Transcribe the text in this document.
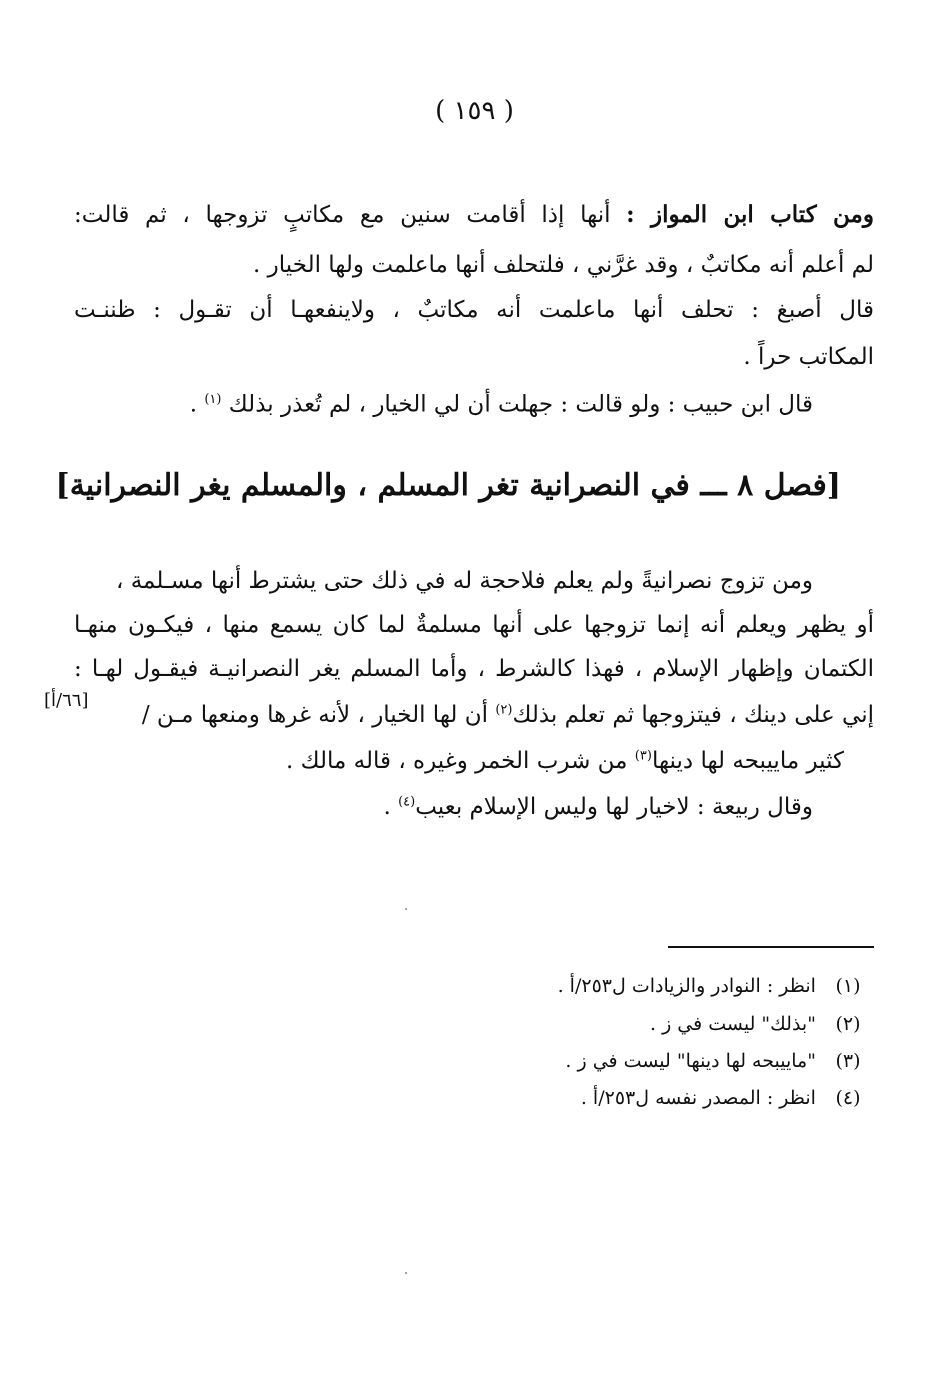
( ١٥٩ )
ومن كتاب ابن المواز : أنها إذا أقامت سنين مع مكاتبٍ تزوجها ، ثم قالت:
لم أعلم أنه مكاتبٌ ، وقد غرَّني ، فلتحلف أنها ماعلمت ولها الخيار .
قال أصبغ : تحلف أنها ماعلمت أنه مكاتبٌ ، ولاينفعهـا أن تقـول : ظننـت
المكاتب حراً .
قال ابن حبيب : ولو قالت : جهلت أن لي الخيار ، لم تُعذر بذلك $^{(١)}$ .
[فصل ٨ ـــ في النصرانية تغر المسلم ، والمسلم يغر النصرانية]
ومن تزوج نصرانيةً ولم يعلم فلاحجة له في ذلك حتى يشترط أنها مسـلمة ،
أو يظهر ويعلم أنه إنما تزوجها على أنها مسلمةٌ لما كان يسمع منها ، فيكـون منهـا
الكتمان وإظهار الإسلام ، فهذا كالشرط ، وأما المسلم يغر النصرانيـة فيقـول لهـا :
إني على دينك ، فيتزوجها ثم تعلم بذلك$^{(٢)}$ أن لها الخيار ، لأنه غرها ومنعها مـن /
كثير ماييبحه لها دينها$^{(٣)}$ من شرب الخمر وغيره ، قاله مالك .
وقال ربيعة : لاخيار لها وليس الإسلام بعيب$^{(٤)}$ .
[٦٦/أ]
(١) انظر : النوادر والزيادات ل٢٥٣/أ .
(٢) "بذلك" ليست في ز .
(٣) "ماييبحه لها دينها" ليست في ز .
(٤) انظر : المصدر نفسه ل٢٥٣/أ .
